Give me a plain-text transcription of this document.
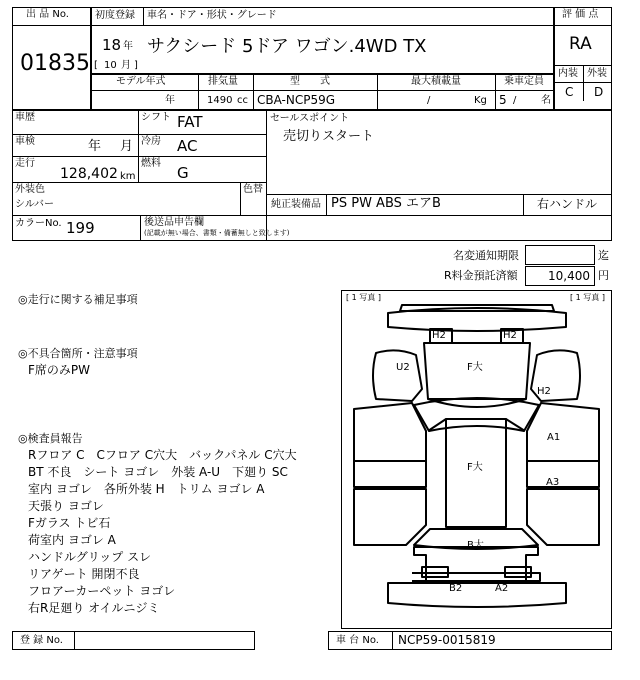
出 品 No.
01835
初度登録 車名・ドア・形状・グレード
18 年
[ 10 月 ]
サクシード 5ドア ワゴン.4WD TX
評 価 点
RA
内装 外装
C D
モデル年式
年
排気量
1490 cc
型　　式
CBA-NCP59G
最大積載量
/	Kg
乗車定員
5 / 名
車歴	シフト FAT
車検	年 月 冷房 AC
走行
128,402 km
燃料
G
セールスポイント
売切りスタート
外装色
シルバー
色替
純正装備品 PS PW ABS エアB	右ハンドル
カラーNo. 199	後送品申告欄
(記載が無い場合、書類・備蓄無しと致します)
名変通知期限	迄
R料金預託済額	10,400 円
◎走行に関する補足事項
◎不具合箇所・注意事項
F席のみPW
◎検査員報告
Rフロア C　Cフロア C穴大　バックパネル C穴大
BT 不良　シート ヨゴレ　外装 A-U　下廻り SC
室内 ヨゴレ　各所外装 H　トリム ヨゴレ A
天張り ヨゴレ
Fガラス トビ石
荷室内 ヨゴレ A
ハンドルグリップ スレ
リアゲート 開閉不良
フロアーカーペット ヨゴレ
右R足廻り オイルニジミ
[ 1 写真 ]	[ 1 写真 ]
H2	H2
U2	F大
H2
A1
F大
A3
B大
B2	A2
登 録 No.	車 台 No. NCP59-0015819
